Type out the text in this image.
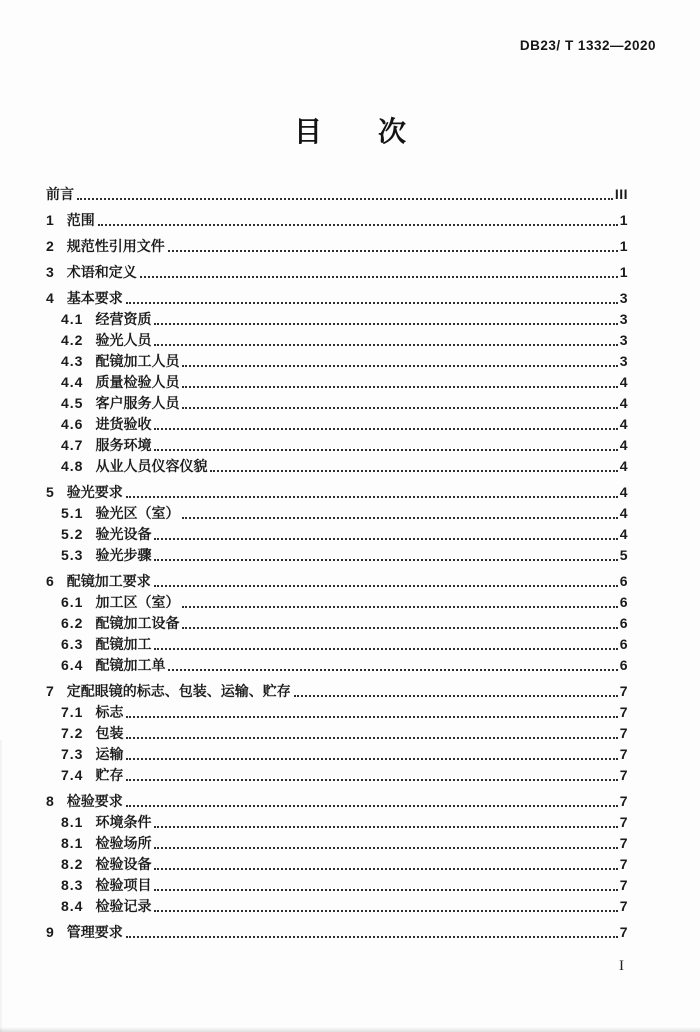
DB23/ T 1332—2020
目　　次
前言	III
1 范围	1
2 规范性引用文件	1
3 术语和定义	1
4 基本要求	3
4.1 经营资质	3
4.2 验光人员	3
4.3 配镜加工人员	3
4.4 质量检验人员	4
4.5 客户服务人员	4
4.6 进货验收	4
4.7 服务环境	4
4.8 从业人员仪容仪貌	4
5 验光要求	4
5.1 验光区（室）	4
5.2 验光设备	4
5.3 验光步骤	5
6 配镜加工要求	6
6.1 加工区（室）	6
6.2 配镜加工设备	6
6.3 配镜加工	6
6.4 配镜加工单	6
7 定配眼镜的标志、包装、运输、贮存	7
7.1 标志	7
7.2 包装	7
7.3 运输	7
7.4 贮存	7
8 检验要求	7
8.1 环境条件	7
8.1 检验场所	7
8.2 检验设备	7
8.3 检验项目	7
8.4 检验记录	7
9 管理要求	7
I
